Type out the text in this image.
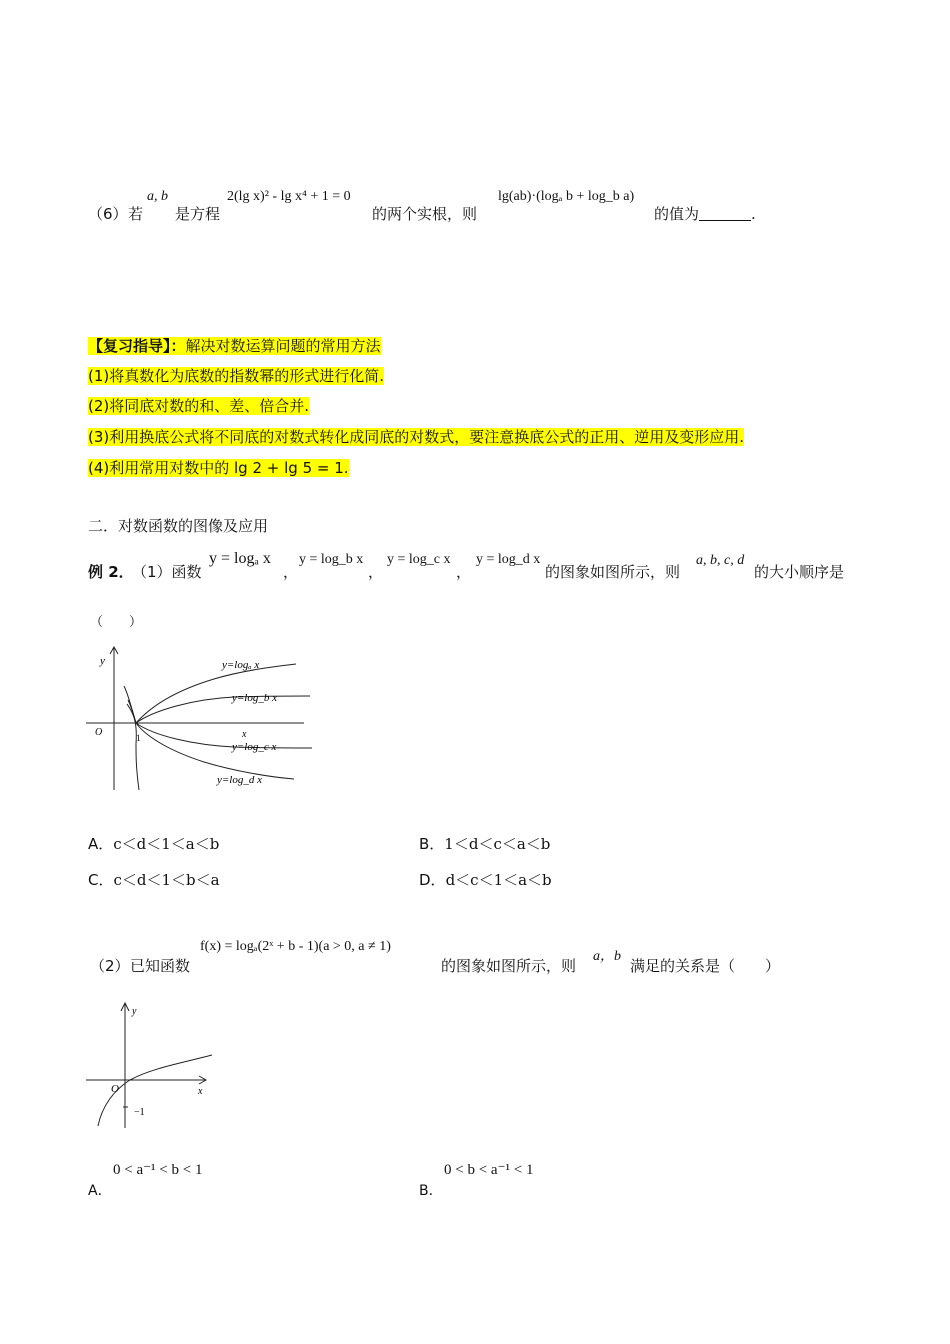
（6） 若
a, b
是方程
2(lg x)² - lg x⁴ + 1 = 0
的两个实根，则
lg(ab)·(logₐ b + log_b a)
的值为	.
【复习指导】：解决对数运算问题的常用方法
(1)将真数化为底数的指数幂的形式进行化简.
(2)将同底对数的和、差、倍合并.
(3)利用换底公式将不同底的对数式转化成同底的对数式，要注意换底公式的正用、逆用及变形应用.
(4)利用常用对数中的 lg 2 + lg 5 = 1.
二．对数函数的图像及应用
例 2．
（1）函数
y = logₐ x
，
y = log_b x
，
y = log_c x
，
y = log_d x
的图象如图所示，则
a, b, c, d
的大小顺序是
（　　）
y
x
O	1
y=logₐ x
y=log_b x
y=log_c x
y=log_d x
A．c＜d＜1＜a＜b	B．1＜d＜c＜a＜b
C．c＜d＜1＜b＜a	D．d＜c＜1＜a＜b
（2） 已知函数
f(x) = logₐ(2ˣ + b - 1)(a > 0, a ≠ 1)
的图象如图所示，则
a，b
满足的关系是（　　）
y
x
O
−1
A．
0 < a⁻¹ < b < 1
B．
0 < b < a⁻¹ < 1
